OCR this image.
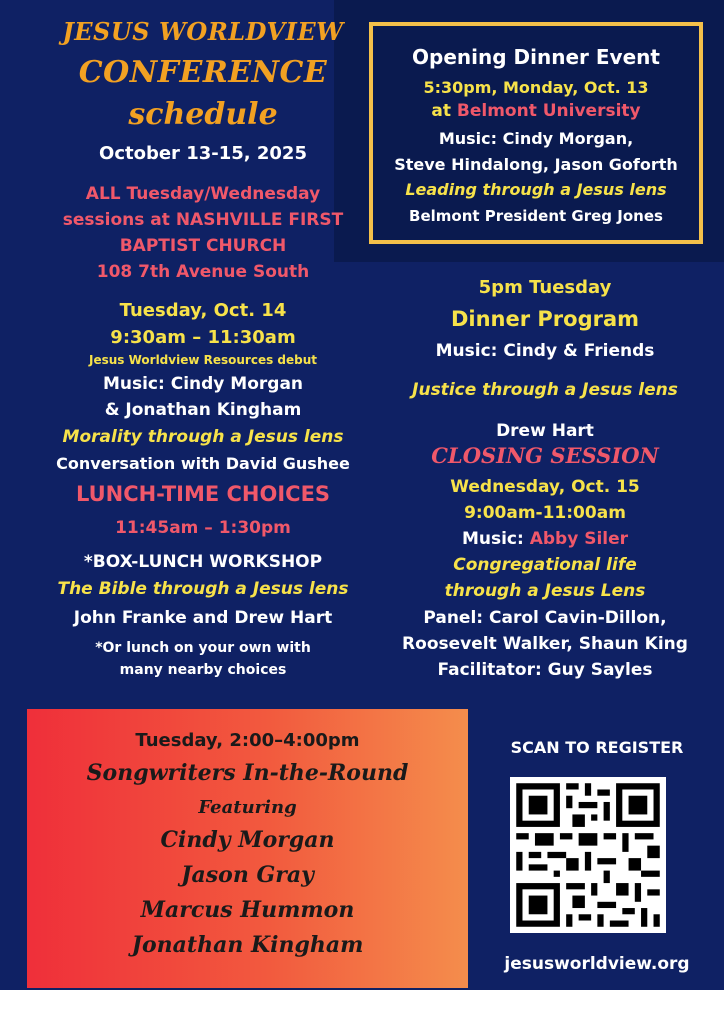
JESUS WORLDVIEW
CONFERENCE
schedule
October 13-15, 2025
ALL Tuesday/Wednesday
sessions at NASHVILLE FIRST
BAPTIST CHURCH
108 7th Avenue South
Tuesday, Oct. 14
9:30am – 11:30am
Jesus Worldview Resources debut
Music: Cindy Morgan
& Jonathan Kingham
Morality through a Jesus lens
Conversation with David Gushee
LUNCH-TIME CHOICES
11:45am – 1:30pm
*BOX-LUNCH WORKSHOP
The Bible through a Jesus lens
John Franke and Drew Hart
*Or lunch on your own with
many nearby choices
Opening Dinner Event
5:30pm, Monday, Oct. 13
at Belmont University
Music: Cindy Morgan,
Steve Hindalong, Jason Goforth
Leading through a Jesus lens
Belmont President Greg Jones
5pm Tuesday
Dinner Program
Music: Cindy & Friends
Justice through a Jesus lens
Drew Hart
CLOSING SESSION
Wednesday, Oct. 15
9:00am-11:00am
Music: Abby Siler
Congregational life
through a Jesus Lens
Panel: Carol Cavin-Dillon,
Roosevelt Walker, Shaun King
Facilitator: Guy Sayles
Tuesday, 2:00–4:00pm
Songwriters In-the-Round
Featuring
Cindy Morgan
Jason Gray
Marcus Hummon
Jonathan Kingham
SCAN TO REGISTER
jesusworldview.org
